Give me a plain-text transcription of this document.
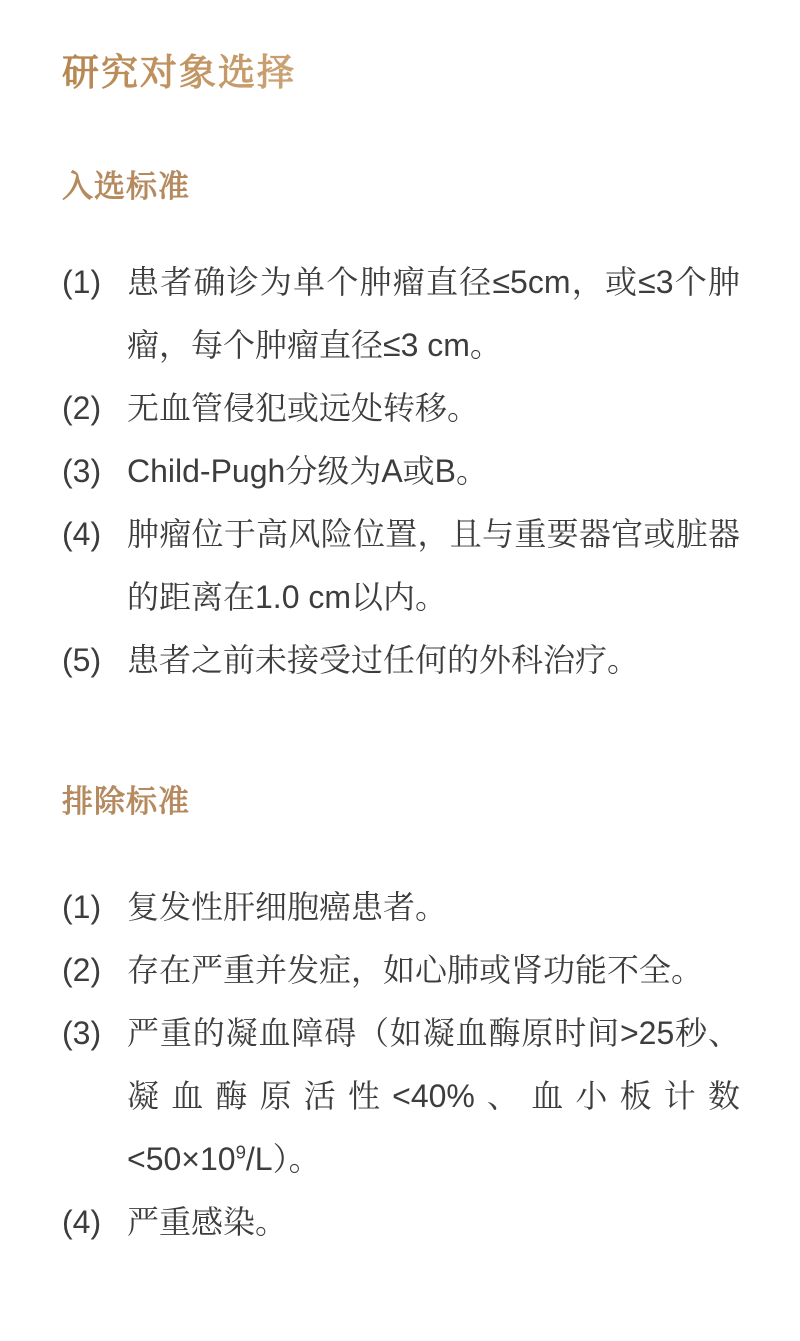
研究对象选择
入选标准
(1) 患者确诊为单个肿瘤直径≤5cm，或≤3个肿瘤，每个肿瘤直径≤3 cm。
(2) 无血管侵犯或远处转移。
(3) Child-Pugh分级为A或B。
(4) 肿瘤位于高风险位置，且与重要器官或脏器的距离在1.0 cm以内。
(5) 患者之前未接受过任何的外科治疗。
排除标准
(1) 复发性肝细胞癌患者。
(2) 存在严重并发症，如心肺或肾功能不全。
(3) 严重的凝血障碍（如凝血酶原时间>25秒、凝血酶原活性<40%、血小板计数$<50\times 10^9/L$）。
(4) 严重感染。
